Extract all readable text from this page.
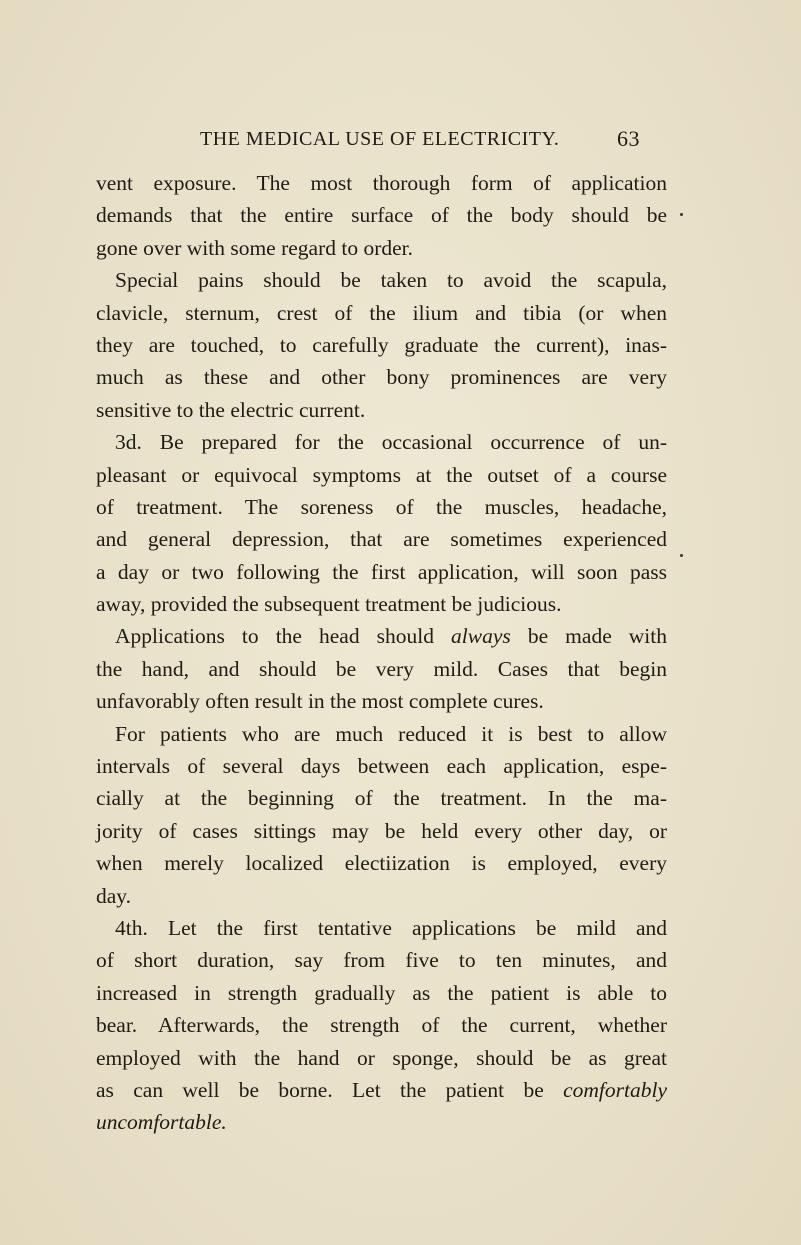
THE MEDICAL USE OF ELECTRICITY.	63
vent exposure. The most thorough form of application
demands that the entire surface of the body should be
gone over with some regard to order.
Special pains should be taken to avoid the scapula,
clavicle, sternum, crest of the ilium and tibia (or when
they are touched, to carefully graduate the current), inas-
much as these and other bony prominences are very
sensitive to the electric current.
3d. Be prepared for the occasional occurrence of un-
pleasant or equivocal symptoms at the outset of a course
of treatment. The soreness of the muscles, headache,
and general depression, that are sometimes experienced
a day or two following the first application, will soon pass
away, provided the subsequent treatment be judicious.
Applications to the head should always be made with
the hand, and should be very mild. Cases that begin
unfavorably often result in the most complete cures.
For patients who are much reduced it is best to allow
intervals of several days between each application, espe-
cially at the beginning of the treatment. In the ma-
jority of cases sittings may be held every other day, or
when merely localized electiization is employed, every
day.
4th. Let the first tentative applications be mild and
of short duration, say from five to ten minutes, and
increased in strength gradually as the patient is able to
bear. Afterwards, the strength of the current, whether
employed with the hand or sponge, should be as great
as can well be borne. Let the patient be comfortably
uncomfortable.
